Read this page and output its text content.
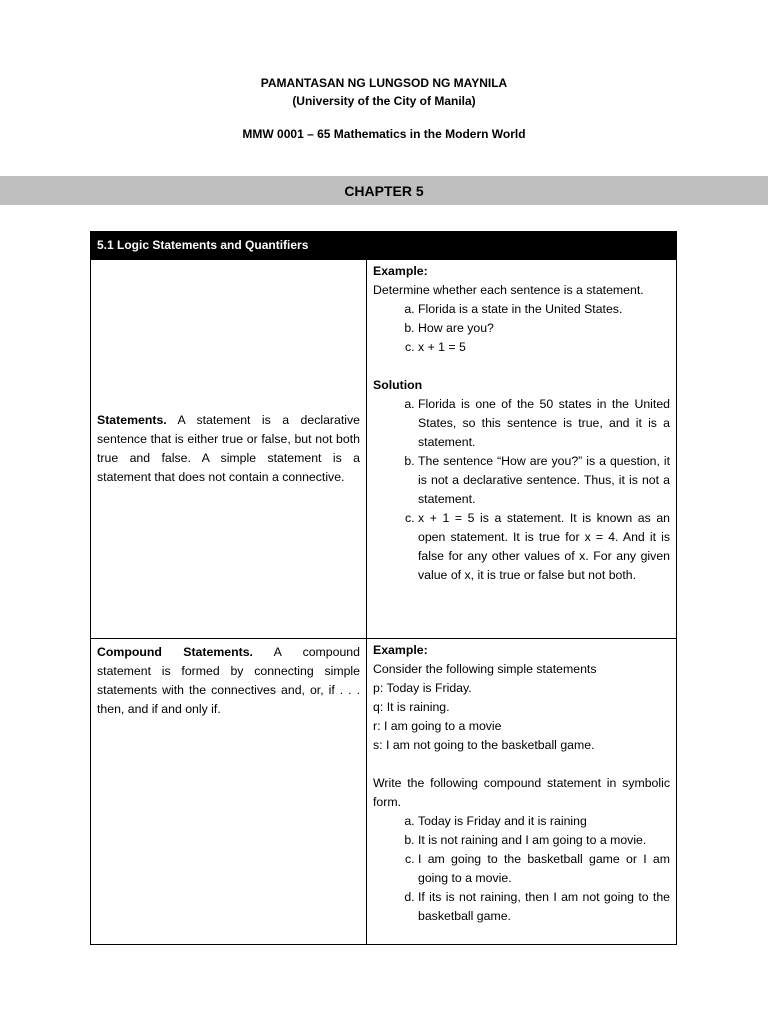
PAMANTASAN NG LUNGSOD NG MAYNILA
(University of the City of Manila)
MMW 0001 – 65 Mathematics in the Modern World
CHAPTER 5
5.1 Logic Statements and Quantifiers

Statements. A statement is a declarative sentence that is either true or false, but not both true and false. A simple statement is a statement that does not contain a connective.

Example:

Determine whether each sentence is a statement.

a. Florida is a state in the United States.
b. How are you?
c. x + 1 = 5

Solution

a. Florida is one of the 50 states in the United States, so this sentence is true, and it is a statement.
b. The sentence “How are you?” is a question, it is not a declarative sentence. Thus, it is not a statement.
c. x + 1 = 5 is a statement. It is known as an open statement. It is true for x = 4. And it is false for any other values of x. For any given value of x, it is true or false but not both.

Compound Statements. A compound statement is formed by connecting simple statements with the connectives and, or, if . . . then, and if and only if.

Example:

Consider the following simple statements

p: Today is Friday.

q: It is raining.

r: I am going to a movie

s: I am not going to the basketball game.

Write the following compound statement in symbolic form.

a. Today is Friday and it is raining
b. It is not raining and I am going to a movie.
c. I am going to the basketball game or I am going to a movie.
d. If its is not raining, then I am not going to the basketball game.
